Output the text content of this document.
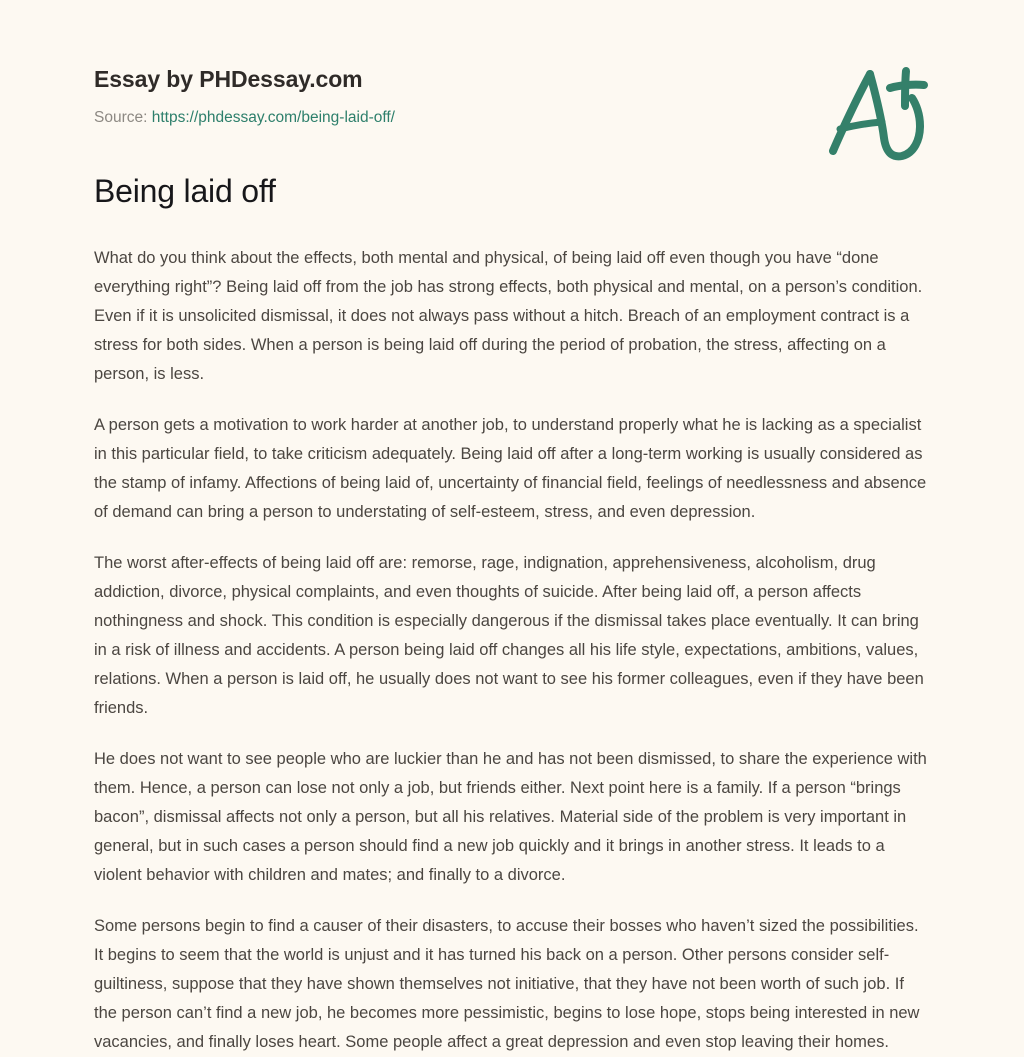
Essay by PHDessay.com
Source: https://phdessay.com/being-laid-off/
Being laid off

What do you think about the effects, both mental and physical, of being laid off even though you have “done everything right”? Being laid off from the job has strong effects, both physical and mental, on a person’s condition. Even if it is unsolicited dismissal, it does not always pass without a hitch. Breach of an employment contract is a stress for both sides. When a person is being laid off during the period of probation, the stress, affecting on a person, is less.

A person gets a motivation to work harder at another job, to understand properly what he is lacking as a specialist in this particular field, to take criticism adequately. Being laid off after a long-term working is usually considered as the stamp of infamy. Affections of being laid of, uncertainty of financial field, feelings of needlessness and absence of demand can bring a person to understating of self-esteem, stress, and even depression.

The worst after-effects of being laid off are: remorse, rage, indignation, apprehensiveness, alcoholism, drug addiction, divorce, physical complaints, and even thoughts of suicide. After being laid off, a person affects nothingness and shock. This condition is especially dangerous if the dismissal takes place eventually. It can bring in a risk of illness and accidents. A person being laid off changes all his life style, expectations, ambitions, values, relations. When a person is laid off, he usually does not want to see his former colleagues, even if they have been friends.

He does not want to see people who are luckier than he and has not been dismissed, to share the experience with them. Hence, a person can lose not only a job, but friends either. Next point here is a family. If a person “brings bacon”, dismissal affects not only a person, but all his relatives. Material side of the problem is very important in general, but in such cases a person should find a new job quickly and it brings in another stress. It leads to a violent behavior with children and mates; and finally to a divorce.

Some persons begin to find a causer of their disasters, to accuse their bosses who haven’t sized the possibilities. It begins to seem that the world is unjust and it has turned his back on a person. Other persons consider self-guiltiness, suppose that they have shown themselves not initiative, that they have not been worth of such job. If the person can’t find a new job, he becomes more pessimistic, begins to lose hope, stops being interested in new vacancies, and finally loses heart. Some people affect a great depression and even stop leaving their homes.
